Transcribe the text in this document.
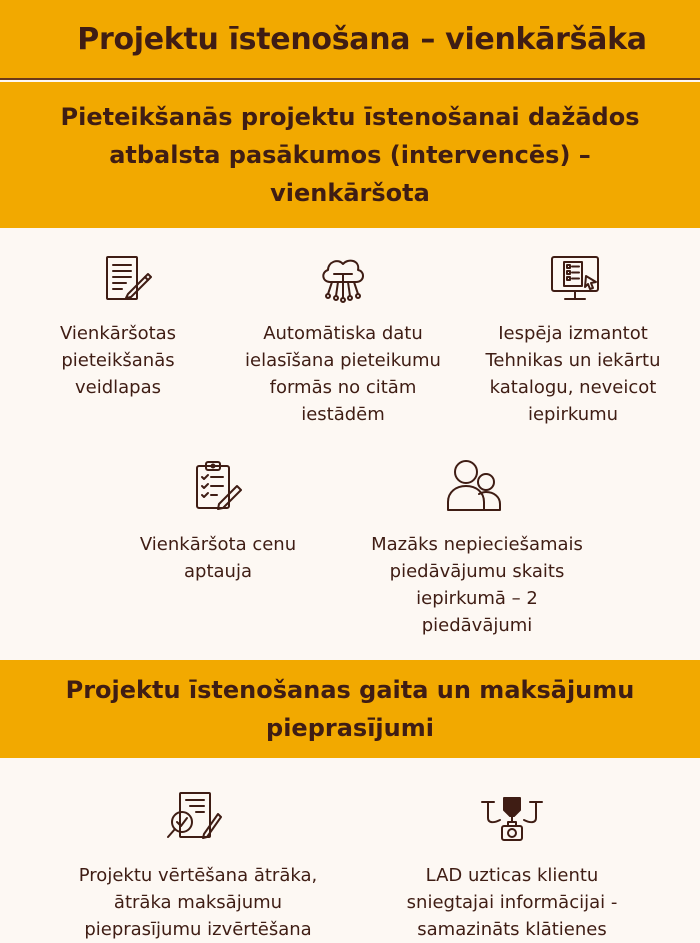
Projektu īstenošana – vienkāršāka
Pieteikšanās projektu īstenošanai dažādos atbalsta pasākumos (intervencēs) – vienkāršota
Vienkāršotas pieteikšanās veidlapas
Automātiska datu ielasīšana pieteikumu formās no citām iestādēm
Iespēja izmantot Tehnikas un iekārtu katalogu, neveicot iepirkumu
Vienkāršota cenu aptauja
Mazāks nepieciešamais piedāvājumu skaits iepirkumā – 2 piedāvājumi
Projektu īstenošanas gaita un maksājumu pieprasījumi
Projektu vērtēšana ātrāka, ātrāka maksājumu pieprasījumu izvērtēšana
LAD uzticas klientu sniegtajai informācijai - samazināts klātienes
